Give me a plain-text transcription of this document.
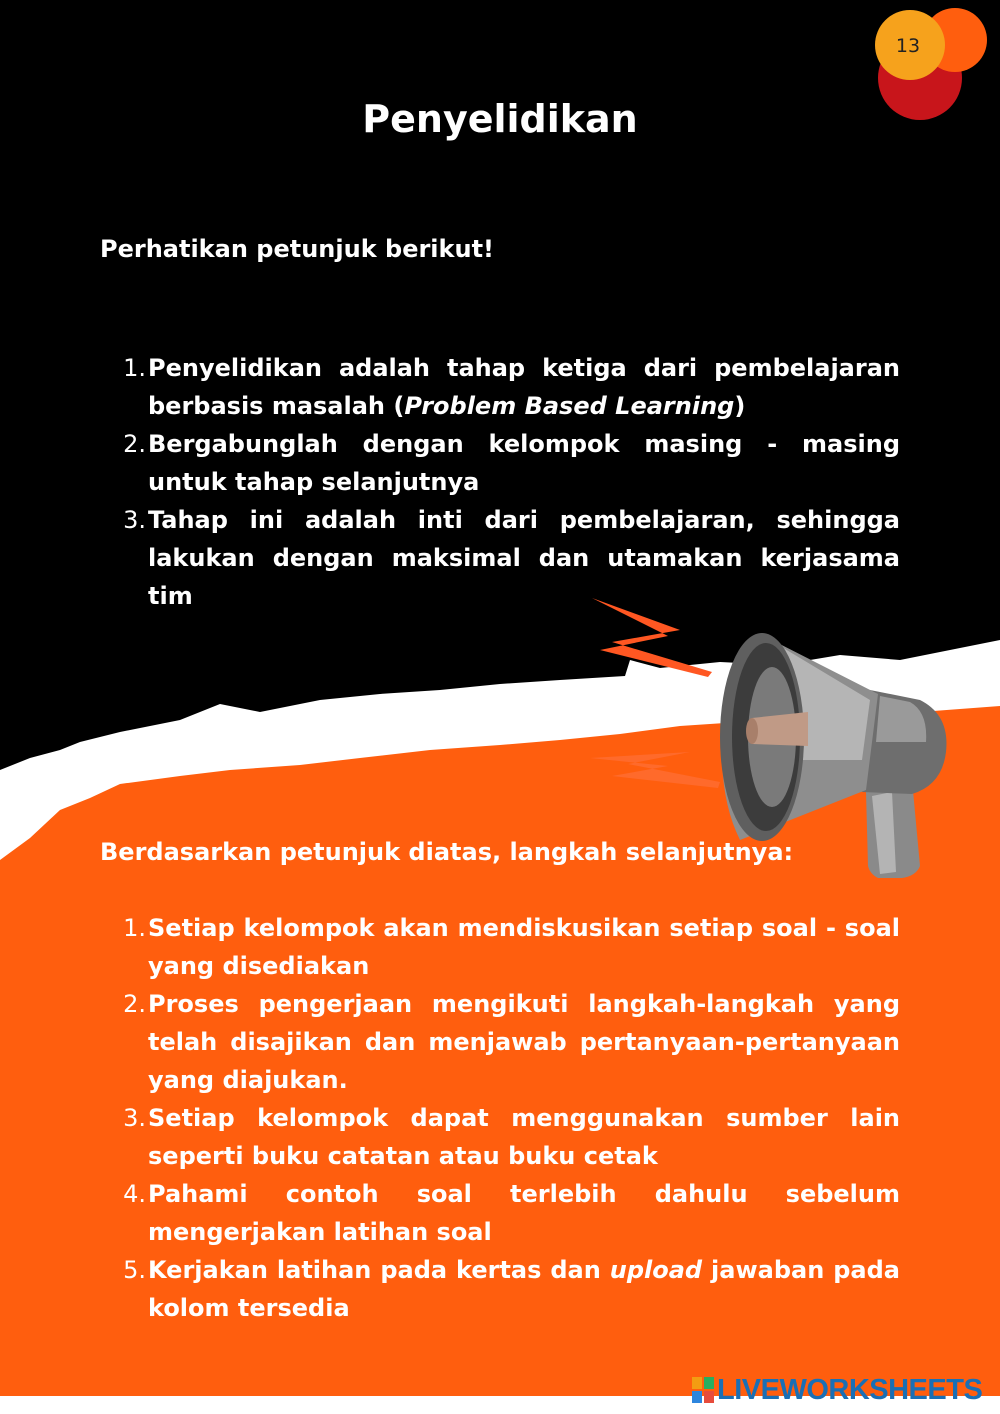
13
Penyelidikan
Perhatikan petunjuk berikut!
1. Penyelidikan adalah tahap ketiga dari pembelajaran berbasis masalah (Problem Based Learning)
2. Bergabunglah dengan kelompok masing - masing untuk tahap selanjutnya
3. Tahap ini adalah inti dari pembelajaran, sehingga lakukan dengan maksimal dan utamakan kerjasama tim
Berdasarkan petunjuk diatas, langkah selanjutnya:
1. Setiap kelompok akan mendiskusikan setiap soal - soal yang disediakan
2. Proses pengerjaan mengikuti langkah-langkah yang telah disajikan dan menjawab pertanyaan-pertanyaan yang diajukan.
3. Setiap kelompok dapat menggunakan sumber lain seperti buku catatan atau buku cetak
4. Pahami contoh soal terlebih dahulu sebelum mengerjakan latihan soal
5. Kerjakan latihan pada kertas dan upload jawaban pada kolom tersedia
LIVEWORKSHEETS
